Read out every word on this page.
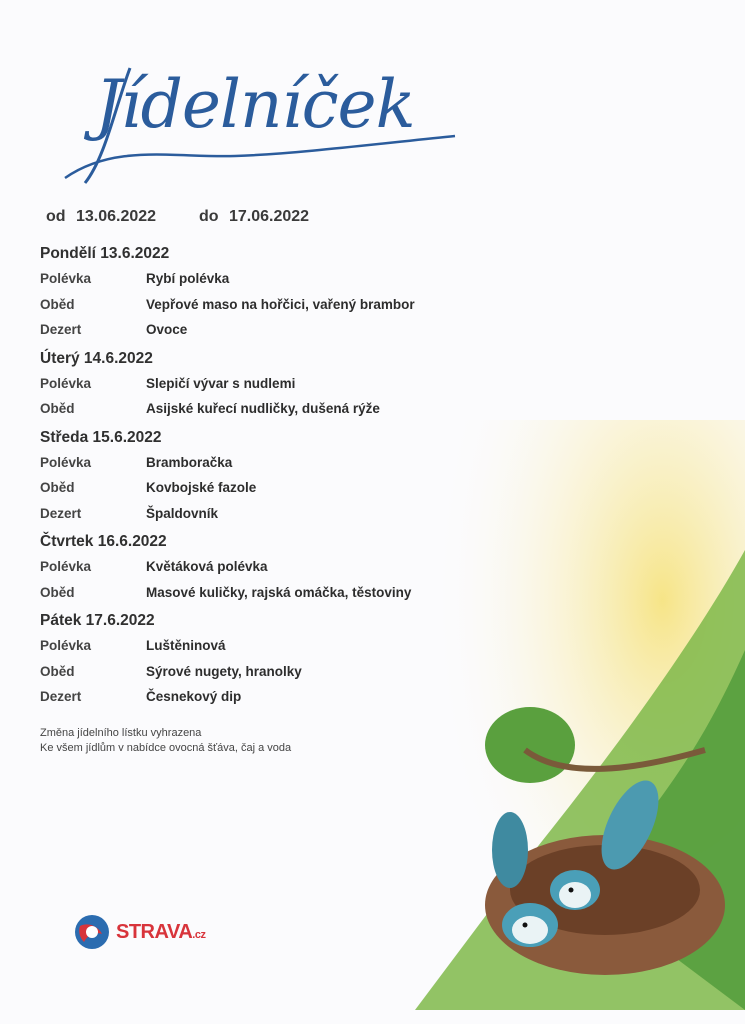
Jídelníček
od 13.06.2022	do 17.06.2022
Pondělí 13.6.2022
Polévka	Rybí polévka
Oběd	Vepřové maso na hořčici, vařený brambor
Dezert	Ovoce
Úterý 14.6.2022
Polévka	Slepičí vývar s nudlemi
Oběd	Asijské kuřecí nudličky, dušená rýže
Středa 15.6.2022
Polévka	Bramboračka
Oběd	Kovbojské fazole
Dezert	Špaldovník
Čtvrtek 16.6.2022
Polévka	Květáková polévka
Oběd	Masové kuličky, rajská omáčka, těstoviny
Pátek 17.6.2022
Polévka	Luštěninová
Oběd	Sýrové nugety, hranolky
Dezert	Česnekový dip
Změna jídelního lístku vyhrazena
Ke všem jídlům v nabídce ovocná šťáva, čaj a voda
STRAVA.cz
